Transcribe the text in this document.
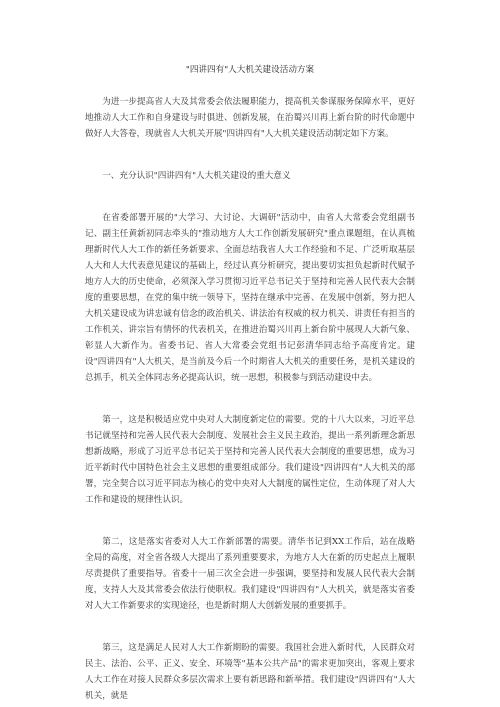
"四讲四有"人大机关建设活动方案

为进一步提高省人大及其常委会依法履职能力，提高机关参谋服务保障水平，更好地推动人大工作和自身建设与时俱进、创新发展，在治蜀兴川再上新台阶的时代命题中做好人大答卷，现就省人大机关开展"四讲四有"人大机关建设活动制定如下方案。

一、充分认识"四讲四有"人大机关建设的重大意义

在省委部署开展的"大学习、大讨论、大调研"活动中，由省人大常委会党组副书记、副主任黄新初同志牵头的"推动地方人大工作创新发展研究"重点课题组，在认真梳理新时代人大工作的新任务新要求、全面总结我省人大工作经验和不足、广泛听取基层人大和人大代表意见建议的基础上，经过认真分析研究，提出要切实担负起新时代赋予地方人大的历史使命，必须深入学习贯彻习近平总书记关于坚持和完善人民代表大会制度的重要思想，在党的集中统一领导下，坚持在继承中完善、在发展中创新，努力把人大机关建设成为讲忠诚有信念的政治机关、讲法治有权威的权力机关、讲责任有担当的工作机关、讲宗旨有情怀的代表机关，在推进治蜀兴川再上新台阶中展现人大新气象、彰显人大新作为。省委书记、省人大常委会党组书记彭清华同志给予高度肯定。建设"四讲四有"人大机关，是当前及今后一个时期省人大机关的重要任务，是机关建设的总抓手，机关全体同志务必提高认识，统一思想，积极参与到活动建设中去。

第一，这是积极适应党中央对人大制度新定位的需要。党的十八大以来，习近平总书记就坚持和完善人民代表大会制度、发展社会主义民主政治，提出一系列新理念新思想新战略，形成了习近平总书记关于坚持和完善人民代表大会制度的重要思想，成为习近平新时代中国特色社会主义思想的重要组成部分。我们建设"四讲四有"人大机关的部署，完全契合以习近平同志为核心的党中央对人大制度的属性定位，生动体现了对人大工作和建设的规律性认识。

第二，这是落实省委对人大工作新部署的需要。清华书记到XX工作后，站在战略全局的高度，对全省各级人大提出了系列重要要求，为地方人大在新的历史起点上履职尽责提供了重要指导。省委十一届三次全会进一步强调，要坚持和发展人民代表大会制度，支持人大及其常委会依法行使职权。我们建设"四讲四有"人大机关，就是落实省委对人大工作新要求的实现途径，也是新时期人大创新发展的重要抓手。

第三，这是满足人民对人大工作新期盼的需要。我国社会进入新时代，人民群众对民主、法治、公平、正义、安全、环境等"基本公共产品"的需求更加突出，客观上要求人大工作在对接人民群众多层次需求上要有新思路和新举措。我们建设"四讲四有"人大机关，就是
